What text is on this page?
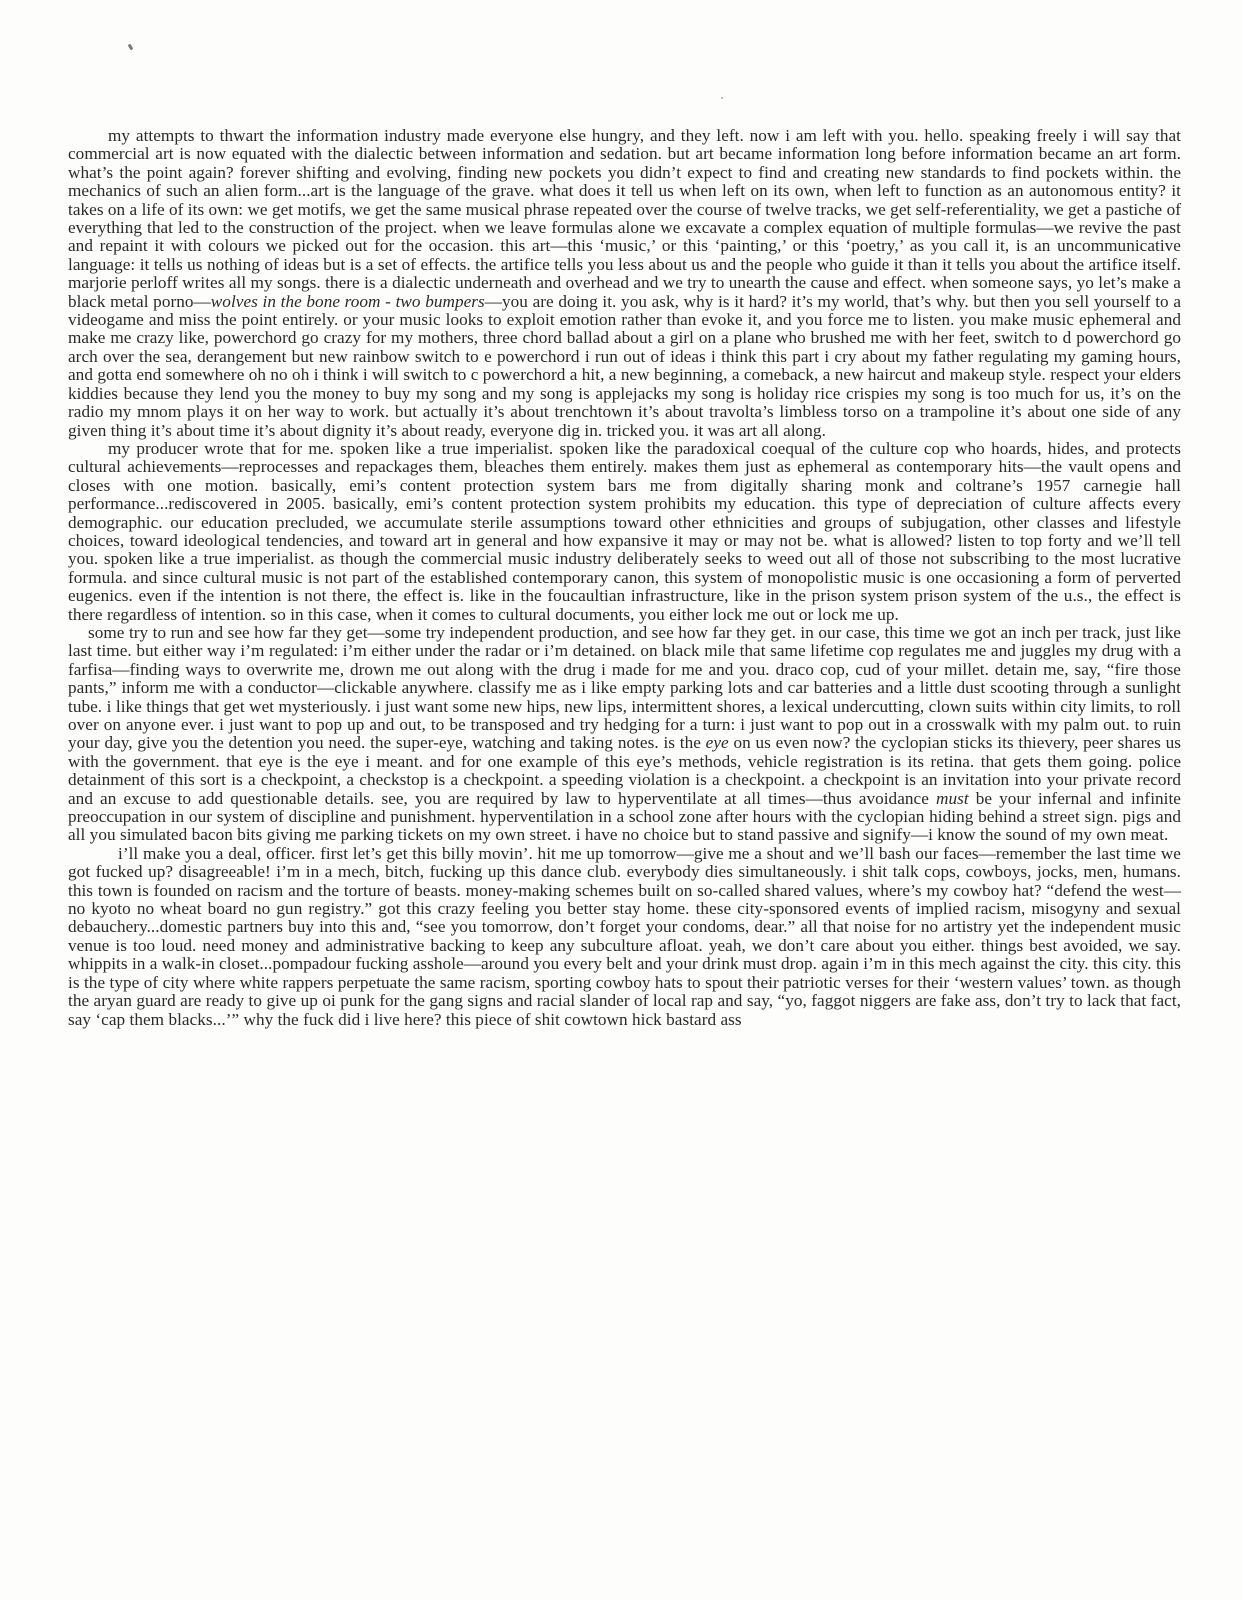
my attempts to thwart the information industry made everyone else hungry, and they left. now i am left with you. hello. speaking freely i will say that commercial art is now equated with the dialectic between information and sedation. but art became information long before information became an art form. what’s the point again? forever shifting and evolving, finding new pockets you didn’t expect to find and creating new standards to find pockets within. the mechanics of such an alien form...art is the language of the grave. what does it tell us when left on its own, when left to function as an autonomous entity? it takes on a life of its own: we get motifs, we get the same musical phrase repeated over the course of twelve tracks, we get self-referentiality, we get a pastiche of everything that led to the construction of the project. when we leave formulas alone we excavate a complex equation of multiple formulas—we revive the past and repaint it with colours we picked out for the occasion. this art—this ‘music,’ or this ‘painting,’ or this ‘poetry,’ as you call it, is an uncommunicative language: it tells us nothing of ideas but is a set of effects. the artifice tells you less about us and the people who guide it than it tells you about the artifice itself. marjorie perloff writes all my songs. there is a dialectic underneath and overhead and we try to unearth the cause and effect. when someone says, yo let’s make a black metal porno—wolves in the bone room - two bumpers—you are doing it. you ask, why is it hard? it’s my world, that’s why. but then you sell yourself to a videogame and miss the point entirely. or your music looks to exploit emotion rather than evoke it, and you force me to listen. you make music ephemeral and make me crazy like, powerchord go crazy for my mothers, three chord ballad about a girl on a plane who brushed me with her feet, switch to d powerchord go arch over the sea, derangement but new rainbow switch to e powerchord i run out of ideas i think this part i cry about my father regulating my gaming hours, and gotta end somewhere oh no oh i think i will switch to c powerchord a hit, a new beginning, a comeback, a new haircut and makeup style. respect your elders kiddies because they lend you the money to buy my song and my song is applejacks my song is holiday rice crispies my song is too much for us, it’s on the radio my mnom plays it on her way to work. but actually it’s about trenchtown it’s about travolta’s limbless torso on a trampoline it’s about one side of any given thing it’s about time it’s about dignity it’s about ready, everyone dig in. tricked you. it was art all along.

my producer wrote that for me. spoken like a true imperialist. spoken like the paradoxical coequal of the culture cop who hoards, hides, and protects cultural achievements—reprocesses and repackages them, bleaches them entirely. makes them just as ephemeral as contemporary hits—the vault opens and closes with one motion. basically, emi’s content protection system bars me from digitally sharing monk and coltrane’s 1957 carnegie hall performance...rediscovered in 2005. basically, emi’s content protection system prohibits my education. this type of depreciation of culture affects every demographic. our education precluded, we accumulate sterile assumptions toward other ethnicities and groups of subjugation, other classes and lifestyle choices, toward ideological tendencies, and toward art in general and how expansive it may or may not be. what is allowed? listen to top forty and we’ll tell you. spoken like a true imperialist. as though the commercial music industry deliberately seeks to weed out all of those not subscribing to the most lucrative formula. and since cultural music is not part of the established contemporary canon, this system of monopolistic music is one occasioning a form of perverted eugenics. even if the intention is not there, the effect is. like in the foucaultian infrastructure, like in the prison system prison system of the u.s., the effect is there regardless of intention. so in this case, when it comes to cultural documents, you either lock me out or lock me up.

some try to run and see how far they get—some try independent production, and see how far they get. in our case, this time we got an inch per track, just like last time. but either way i’m regulated: i’m either under the radar or i’m detained. on black mile that same lifetime cop regulates me and juggles my drug with a farfisa—finding ways to overwrite me, drown me out along with the drug i made for me and you. draco cop, cud of your millet. detain me, say, “fire those pants,” inform me with a conductor—clickable anywhere. classify me as i like empty parking lots and car batteries and a little dust scooting through a sunlight tube. i like things that get wet mysteriously. i just want some new hips, new lips, intermittent shores, a lexical undercutting, clown suits within city limits, to roll over on anyone ever. i just want to pop up and out, to be transposed and try hedging for a turn: i just want to pop out in a crosswalk with my palm out. to ruin your day, give you the detention you need. the super-eye, watching and taking notes. is the eye on us even now? the cyclopian sticks its thievery, peer shares us with the government. that eye is the eye i meant. and for one example of this eye’s methods, vehicle registration is its retina. that gets them going. police detainment of this sort is a checkpoint, a checkstop is a checkpoint. a speeding violation is a checkpoint. a checkpoint is an invitation into your private record and an excuse to add questionable details. see, you are required by law to hyperventilate at all times—thus avoidance must be your infernal and infinite preoccupation in our system of discipline and punishment. hyperventilation in a school zone after hours with the cyclopian hiding behind a street sign. pigs and all you simulated bacon bits giving me parking tickets on my own street. i have no choice but to stand passive and signify—i know the sound of my own meat.

i’ll make you a deal, officer. first let’s get this billy movin’. hit me up tomorrow—give me a shout and we’ll bash our faces—remember the last time we got fucked up? disagreeable! i’m in a mech, bitch, fucking up this dance club. everybody dies simultaneously. i shit talk cops, cowboys, jocks, men, humans. this town is founded on racism and the torture of beasts. money-making schemes built on so-called shared values, where’s my cowboy hat? “defend the west—no kyoto no wheat board no gun registry.” got this crazy feeling you better stay home. these city-sponsored events of implied racism, misogyny and sexual debauchery...domestic partners buy into this and, “see you tomorrow, don’t forget your condoms, dear.” all that noise for no artistry yet the independent music venue is too loud. need money and administrative backing to keep any subculture afloat. yeah, we don’t care about you either. things best avoided, we say. whippits in a walk-in closet...pompadour fucking asshole—around you every belt and your drink must drop. again i’m in this mech against the city. this city. this is the type of city where white rappers perpetuate the same racism, sporting cowboy hats to spout their patriotic verses for their ‘western values’ town. as though the aryan guard are ready to give up oi punk for the gang signs and racial slander of local rap and say, “yo, faggot niggers are fake ass, don’t try to lack that fact, say ‘cap them blacks...’” why the fuck did i live here? this piece of shit cowtown hick bastard ass
